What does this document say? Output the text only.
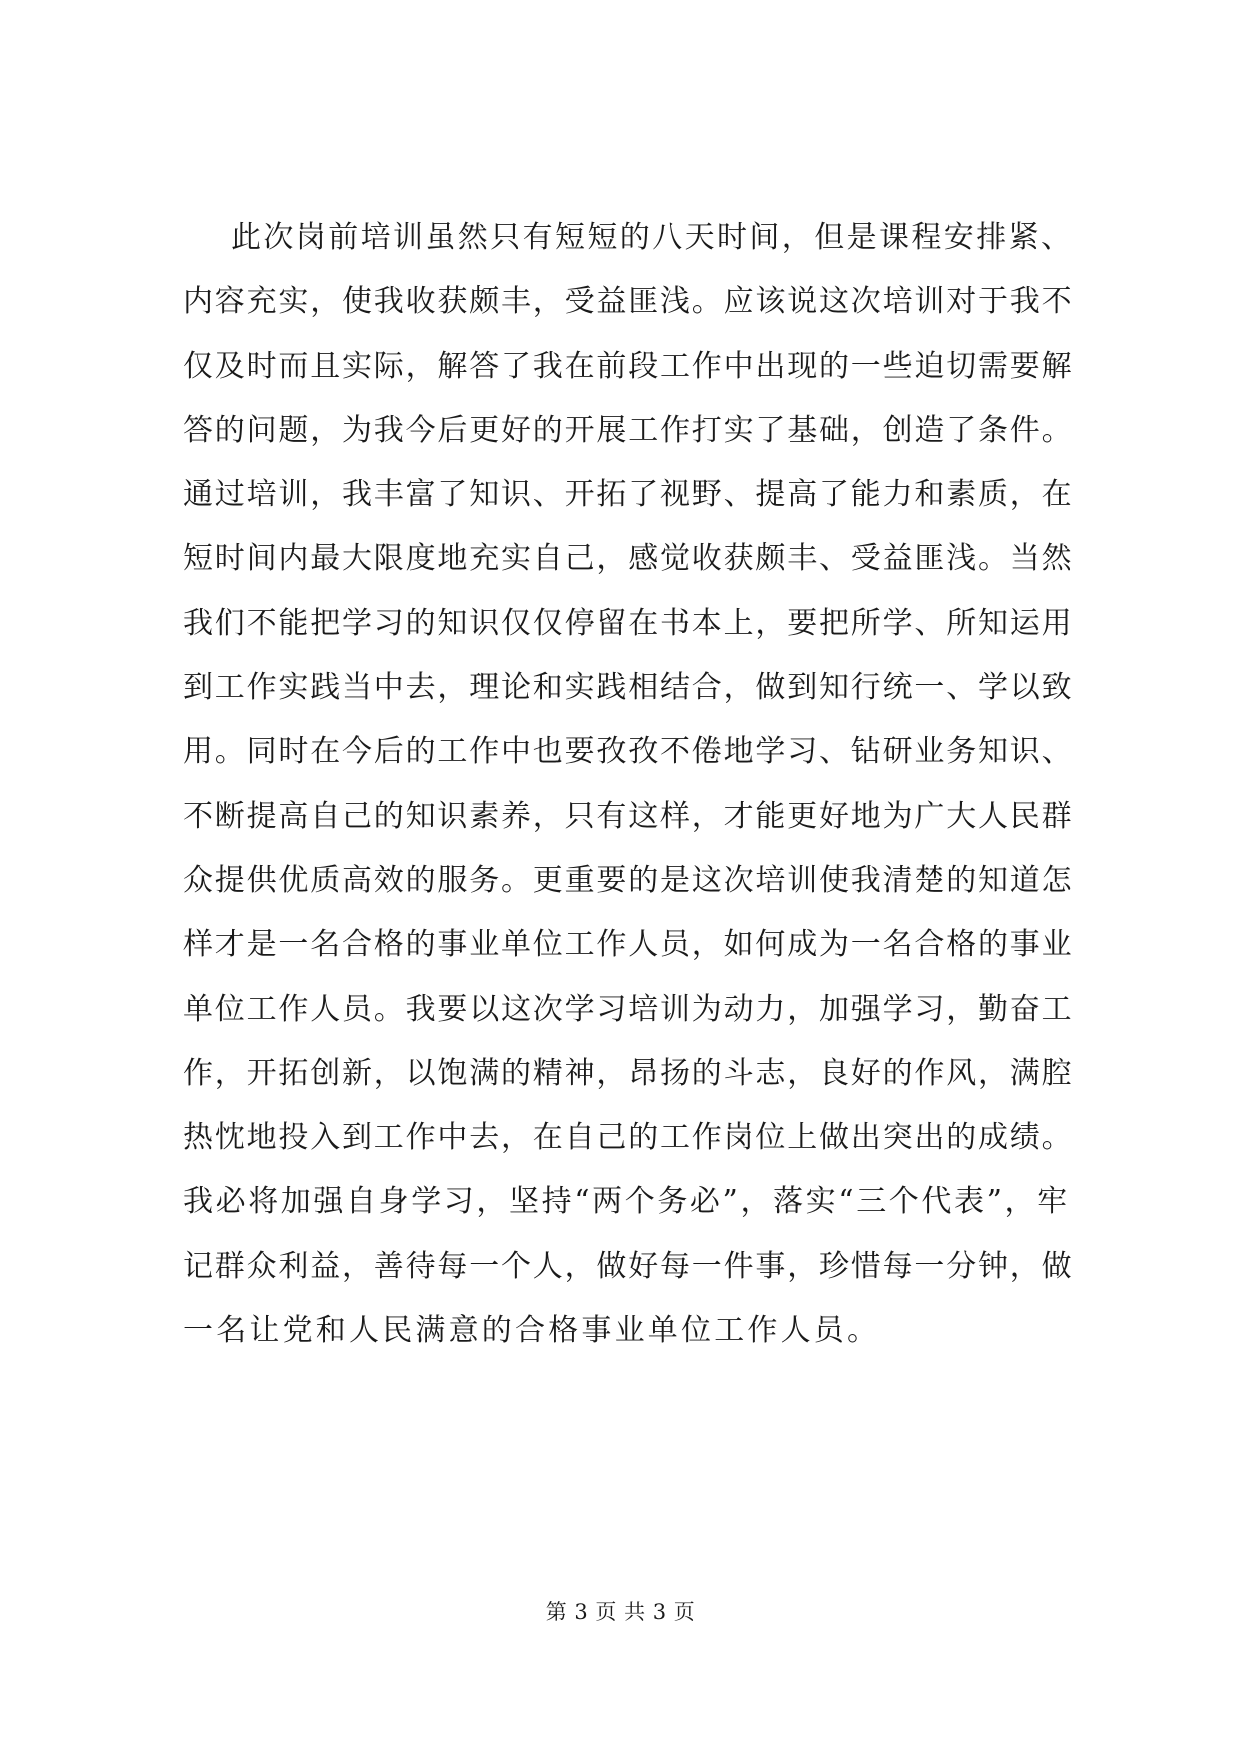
此次岗前培训虽然只有短短的八天时间，但是课程安排紧、
内容充实，使我收获颇丰，受益匪浅。应该说这次培训对于我不
仅及时而且实际，解答了我在前段工作中出现的一些迫切需要解
答的问题，为我今后更好的开展工作打实了基础，创造了条件。
通过培训，我丰富了知识、开拓了视野、提高了能力和素质，在
短时间内最大限度地充实自己，感觉收获颇丰、受益匪浅。当然
我们不能把学习的知识仅仅停留在书本上，要把所学、所知运用
到工作实践当中去，理论和实践相结合，做到知行统一、学以致
用。同时在今后的工作中也要孜孜不倦地学习、钻研业务知识、
不断提高自己的知识素养，只有这样，才能更好地为广大人民群
众提供优质高效的服务。更重要的是这次培训使我清楚的知道怎
样才是一名合格的事业单位工作人员，如何成为一名合格的事业
单位工作人员。我要以这次学习培训为动力，加强学习，勤奋工
作，开拓创新，以饱满的精神，昂扬的斗志，良好的作风，满腔
热忱地投入到工作中去，在自己的工作岗位上做出突出的成绩。
我必将加强自身学习，坚持“两个务必”，落实“三个代表”，牢
记群众利益，善待每一个人，做好每一件事，珍惜每一分钟，做
一名让党和人民满意的合格事业单位工作人员。
第 3 页 共 3 页
